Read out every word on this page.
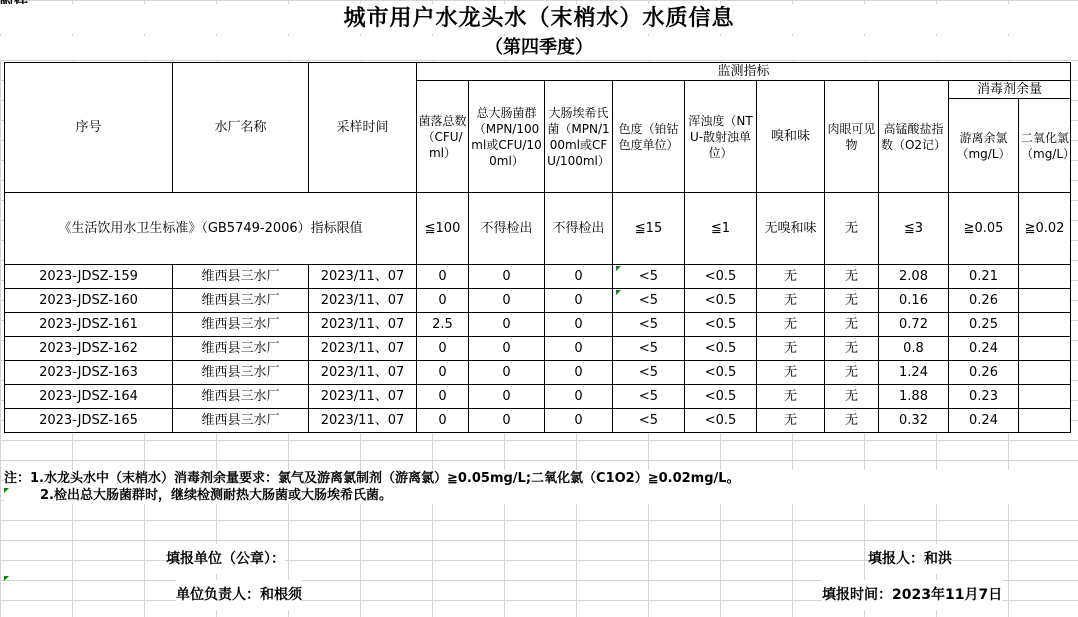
城市用户水龙头水（末梢水）水质信息
（第四季度）
序号	水厂名称	采样时间	监测指标									
			菌落总数（CFU/ml）	总大肠菌群（MPN/100ml或CFU/100ml）	大肠埃希氏菌（MPN/100ml或CFU/100ml）	色度（铂钴色度单位）	浑浊度（NTU-散射浊单位）	嗅和味	肉眼可见物	高锰酸盐指数（O2记）	消毒剂余量	
											游离余氯（mg/L）	二氧化氯（mg/L）
《生活饮用水卫生标准》（GB5749-2006）指标限值			≦100	不得检出	不得检出	≦15	≦1	无嗅和味	无	≦3	≧0.05	≧0.02
2023-JDSZ-159	维西县三水厂	2023/11、07	0	0	0	<5	<0.5	无	无	2.08	0.21	
2023-JDSZ-160	维西县三水厂	2023/11、07	0	0	0	<5	<0.5	无	无	0.16	0.26	
2023-JDSZ-161	维西县三水厂	2023/11、07	2.5	0	0	<5	<0.5	无	无	0.72	0.25	
2023-JDSZ-162	维西县三水厂	2023/11、07	0	0	0	<5	<0.5	无	无	0.8	0.24	
2023-JDSZ-163	维西县三水厂	2023/11、07	0	0	0	<5	<0.5	无	无	1.24	0.26	
2023-JDSZ-164	维西县三水厂	2023/11、07	0	0	0	<5	<0.5	无	无	1.88	0.23	
2023-JDSZ-165	维西县三水厂	2023/11、07	0	0	0	<5	<0.5	无	无	0.32	0.24	
注：1.水龙头水中（末梢水）消毒剂余量要求：氯气及游离氯制剂（游离氯）≧0.05mg/L;二氧化氯（C1O2）≧0.02mg/L。
2.检出总大肠菌群时，继续检测耐热大肠菌或大肠埃希氏菌。
填报单位（公章）：	填报人：和洪
单位负责人：和根须	填报时间：2023年11月7日
